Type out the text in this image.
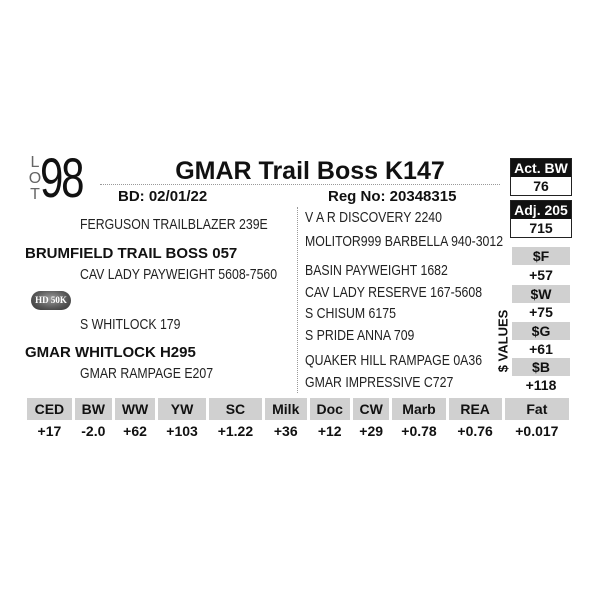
L
O
T 98	GMAR Trail Boss K147
BD: 02/01/22	Reg No: 20348315
Act. BW
76
Adj. 205
715
FERGUSON TRAILBLAZER 239E
BRUMFIELD TRAIL BOSS 057
CAV LADY PAYWEIGHT 5608-7560
HD 50K
S WHITLOCK 179
GMAR WHITLOCK H295
GMAR RAMPAGE E207
V A R DISCOVERY 2240
MOLITOR999 BARBELLA 940-3012
BASIN PAYWEIGHT 1682
CAV LADY RESERVE 167-5608
S CHISUM 6175
S PRIDE ANNA 709
QUAKER HILL RAMPAGE 0A36
GMAR IMPRESSIVE C727
$ VALUES
$F
+57
$W
+75
$G
+61
$B
+118
CED	BW	WW	YW	SC	Milk	Doc	CW	Marb	REA	Fat
+17	-2.0	+62	+103	+1.22	+36	+12	+29	+0.78	+0.76	+0.017
